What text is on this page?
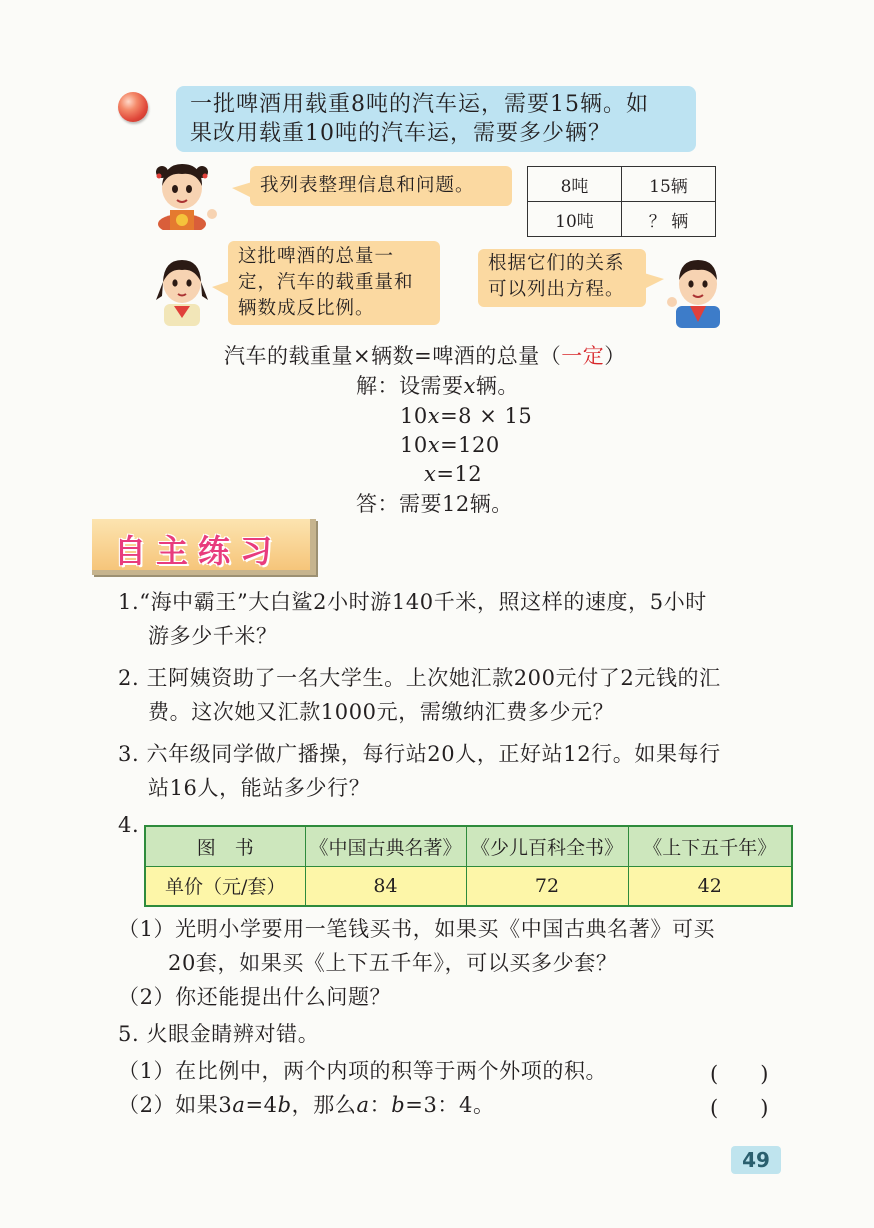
一批啤酒用载重8吨的汽车运，需要15辆。如
果改用载重10吨的汽车运，需要多少辆？
我列表整理信息和问题。	8吨	15辆
10吨	？ 辆
这批啤酒的总量一
定，汽车的载重量和
辆数成反比例。
根据它们的关系
可以列出方程。
汽车的载重量×辆数=啤酒的总量（一定）
解：设需要x辆。
10x=8 × 15
10x=120
x=12
答：需要12辆。
自主练习
1.“海中霸王”大白鲨2小时游140千米，照这样的速度，5小时
游多少千米？
2. 王阿姨资助了一名大学生。上次她汇款200元付了2元钱的汇
费。这次她又汇款1000元，需缴纳汇费多少元？
3. 六年级同学做广播操，每行站20人，正好站12行。如果每行
站16人，能站多少行？
4.
图　书	《中国古典名著》	《少儿百科全书》	《上下五千年》
单价（元/套）	84	72	42
（1）光明小学要用一笔钱买书，如果买《中国古典名著》可买
20套，如果买《上下五千年》，可以买多少套？
（2）你还能提出什么问题？
5. 火眼金睛辨对错。
（1）在比例中，两个内项的积等于两个外项的积。	(　　)
（2）如果3a=4b，那么a：b=3：4。	(　　)
49
